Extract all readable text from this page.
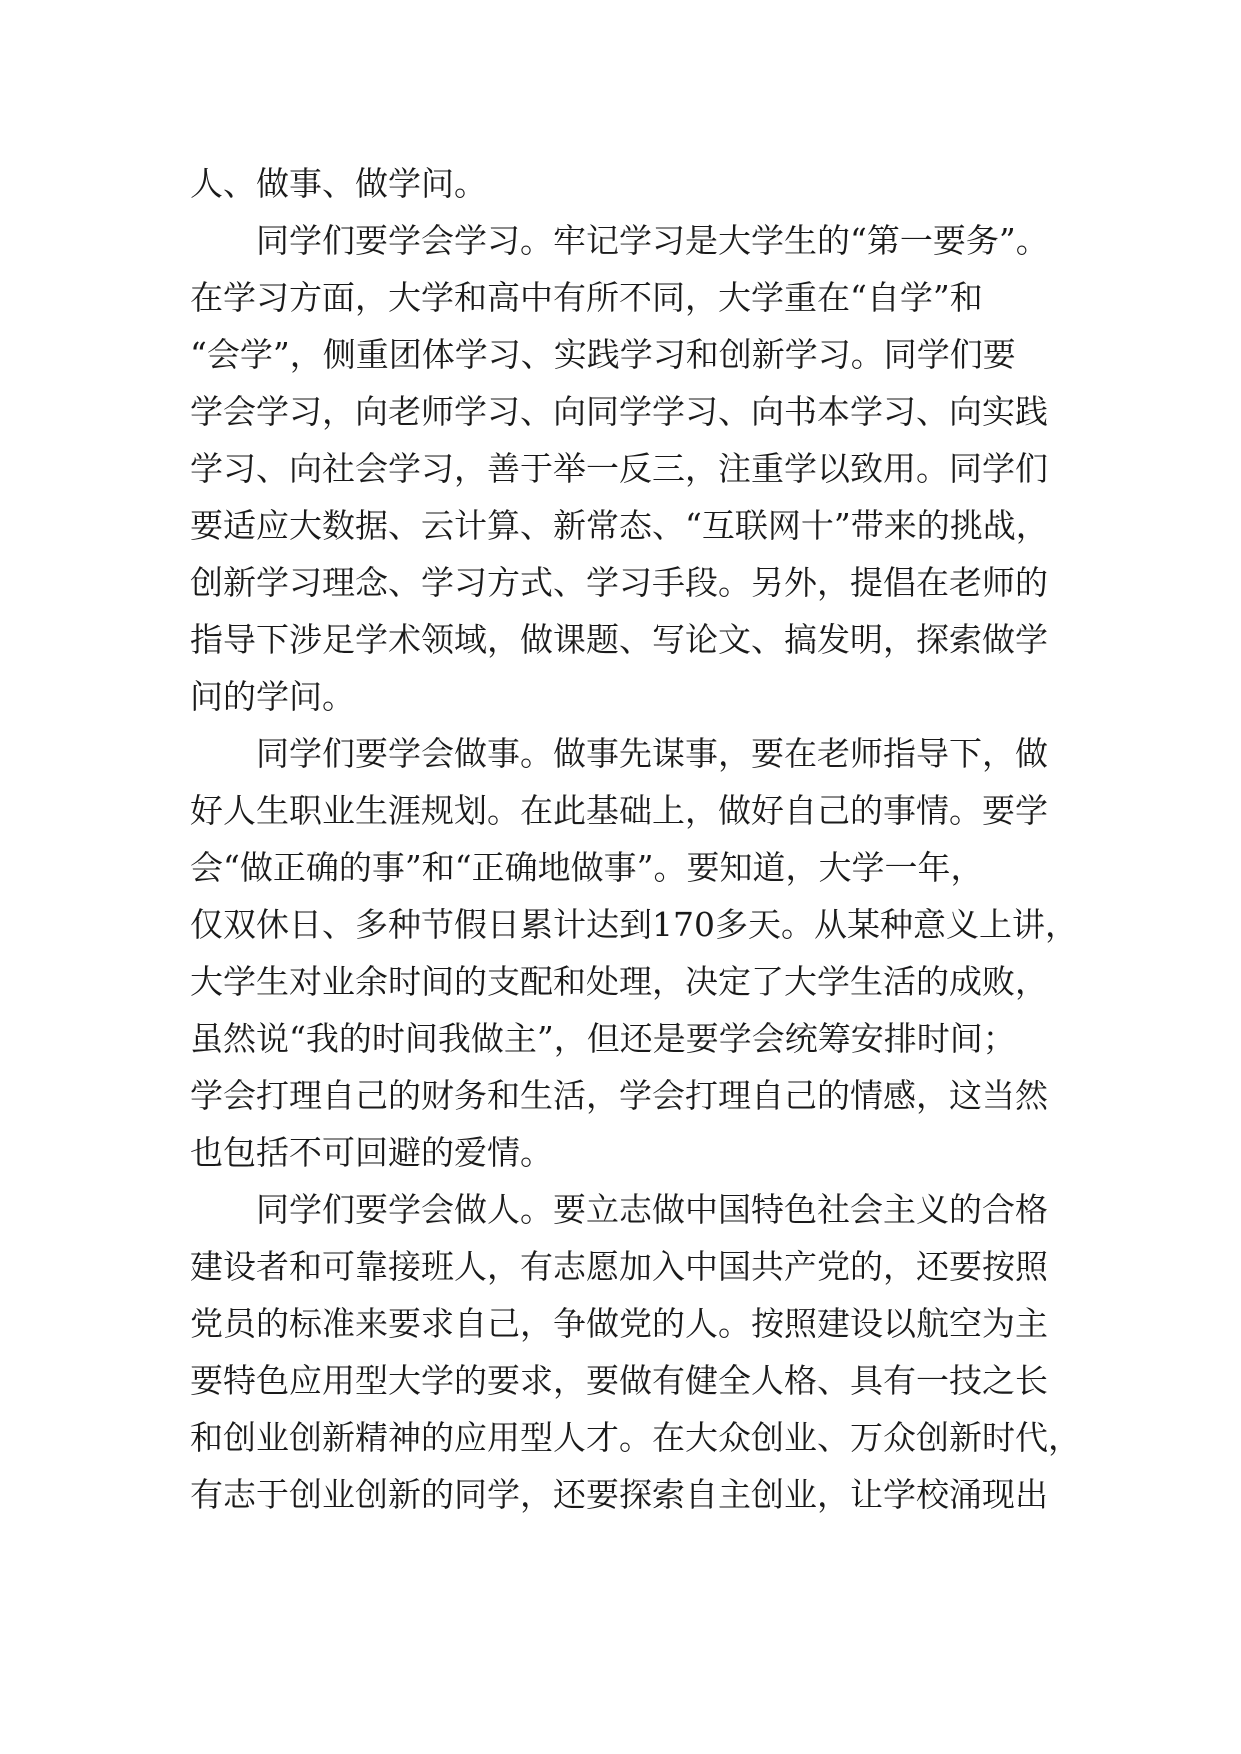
人、做事、做学问。
　　同学们要学会学习。牢记学习是大学生的“第一要务”。
在学习方面，大学和高中有所不同，大学重在“自学”和
“会学”，侧重团体学习、实践学习和创新学习。同学们要
学会学习，向老师学习、向同学学习、向书本学习、向实践
学习、向社会学习，善于举一反三，注重学以致用。同学们
要适应大数据、云计算、新常态、“互联网十”带来的挑战，
创新学习理念、学习方式、学习手段。另外，提倡在老师的
指导下涉足学术领域，做课题、写论文、搞发明，探索做学
问的学问。
　　同学们要学会做事。做事先谋事，要在老师指导下，做
好人生职业生涯规划。在此基础上，做好自己的事情。要学
会“做正确的事”和“正确地做事”。要知道，大学一年，
仅双休日、多种节假日累计达到170多天。从某种意义上讲，
大学生对业余时间的支配和处理，决定了大学生活的成败，
虽然说“我的时间我做主”，但还是要学会统筹安排时间；
学会打理自己的财务和生活，学会打理自己的情感，这当然
也包括不可回避的爱情。
　　同学们要学会做人。要立志做中国特色社会主义的合格
建设者和可靠接班人，有志愿加入中国共产党的，还要按照
党员的标准来要求自己，争做党的人。按照建设以航空为主
要特色应用型大学的要求，要做有健全人格、具有一技之长
和创业创新精神的应用型人才。在大众创业、万众创新时代，
有志于创业创新的同学，还要探索自主创业，让学校涌现出
